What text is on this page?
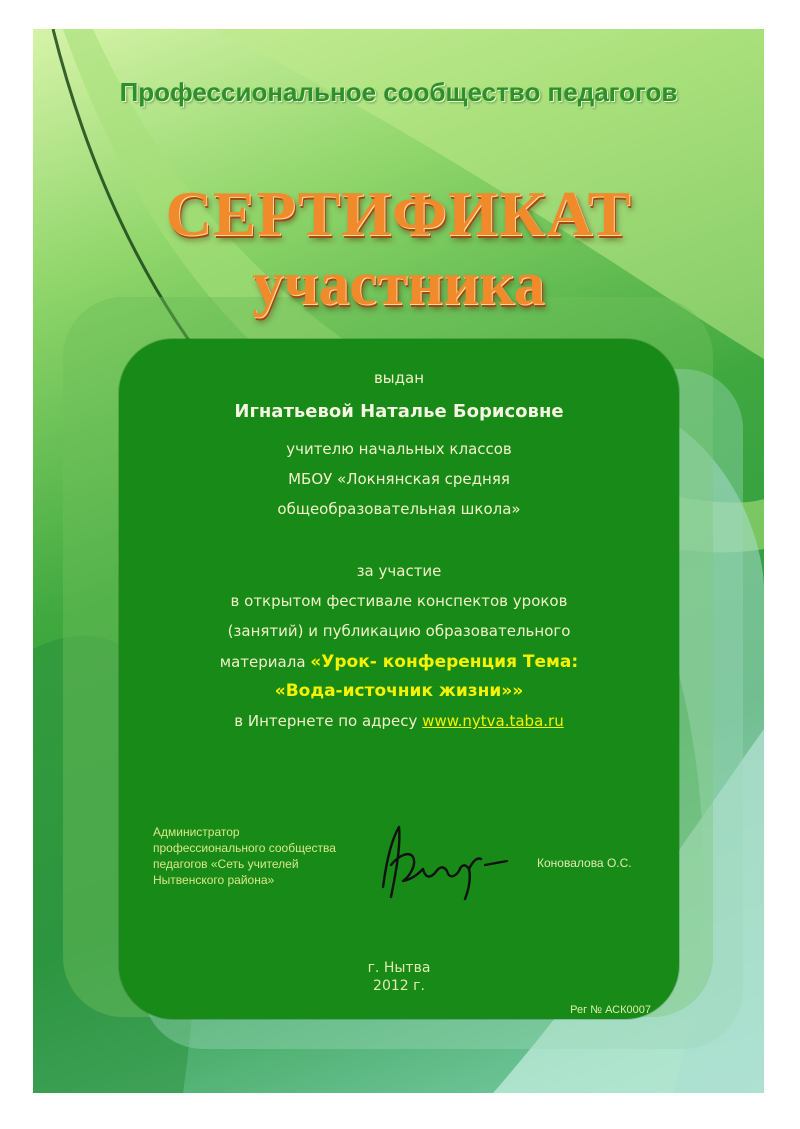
Профессиональное сообщество педагогов
СЕРТИФИКАТ
участника
выдан
Игнатьевой Наталье Борисовне
учителю начальных классов
МБОУ «Локнянская средняя
общеобразовательная школа»
за участие
в открытом фестивале конспектов уроков
(занятий) и публикацию образовательного
материала «Урок- конференция Тема:
«Вода-источник жизни»»
в Интернете по адресу www.nytva.taba.ru
Администратор
профессионального сообщества
педагогов «Сеть учителей
Нытвенского района»
Коновалова О.С.
г. Нытва
2012 г.
Рег № АСК0007
